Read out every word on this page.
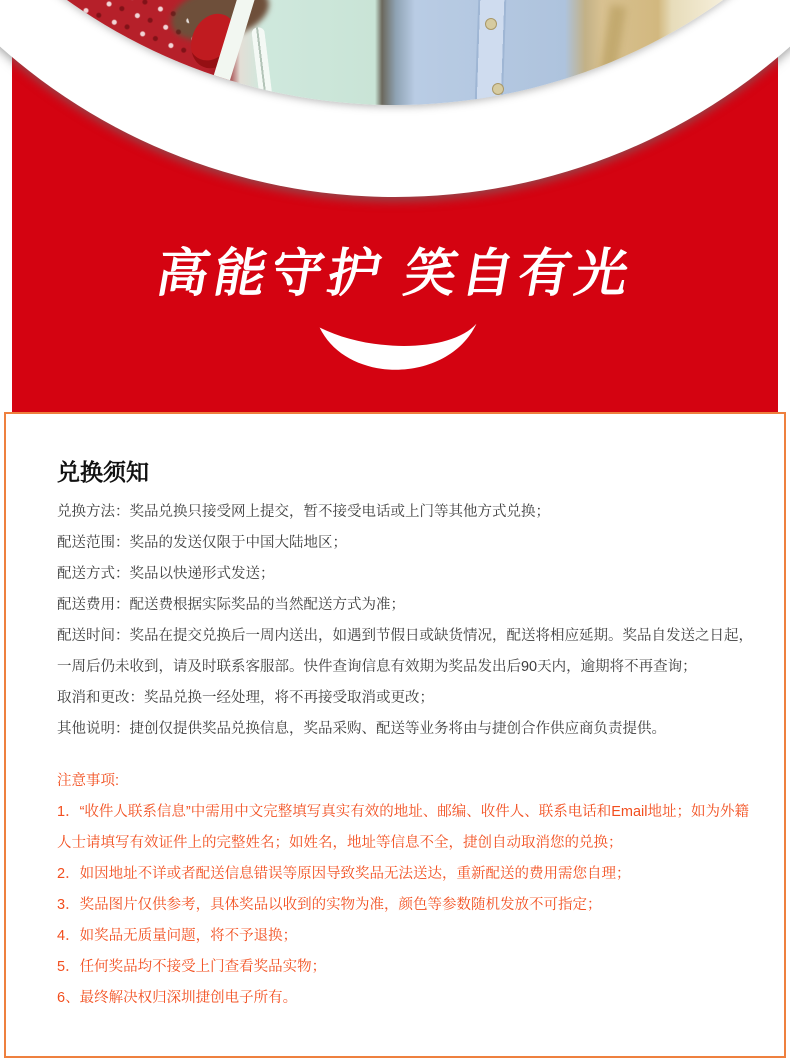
高能守护 笑自有光
兑换须知
兑换方法：奖品兑换只接受网上提交，暂不接受电话或上门等其他方式兑换；
配送范围：奖品的发送仅限于中国大陆地区；
配送方式：奖品以快递形式发送；
配送费用：配送费根据实际奖品的当然配送方式为准；
配送时间：奖品在提交兑换后一周内送出，如遇到节假日或缺货情况，配送将相应延期。奖品自发送之日起，
一周后仍未收到，请及时联系客服部。快件查询信息有效期为奖品发出后90天内，逾期将不再查询；
取消和更改：奖品兑换一经处理，将不再接受取消或更改；
其他说明：捷创仅提供奖品兑换信息，奖品采购、配送等业务将由与捷创合作供应商负责提供。
注意事项:
1．“收件人联系信息”中需用中文完整填写真实有效的地址、邮编、收件人、联系电话和Email地址；如为外籍
人士请填写有效证件上的完整姓名；如姓名，地址等信息不全，捷创自动取消您的兑换；
2．如因地址不详或者配送信息错误等原因导致奖品无法送达，重新配送的费用需您自理；
3．奖品图片仅供参考，具体奖品以收到的实物为准，颜色等参数随机发放不可指定；
4．如奖品无质量问题，将不予退换；
5．任何奖品均不接受上门查看奖品实物；
6、最终解决权归深圳捷创电子所有。
